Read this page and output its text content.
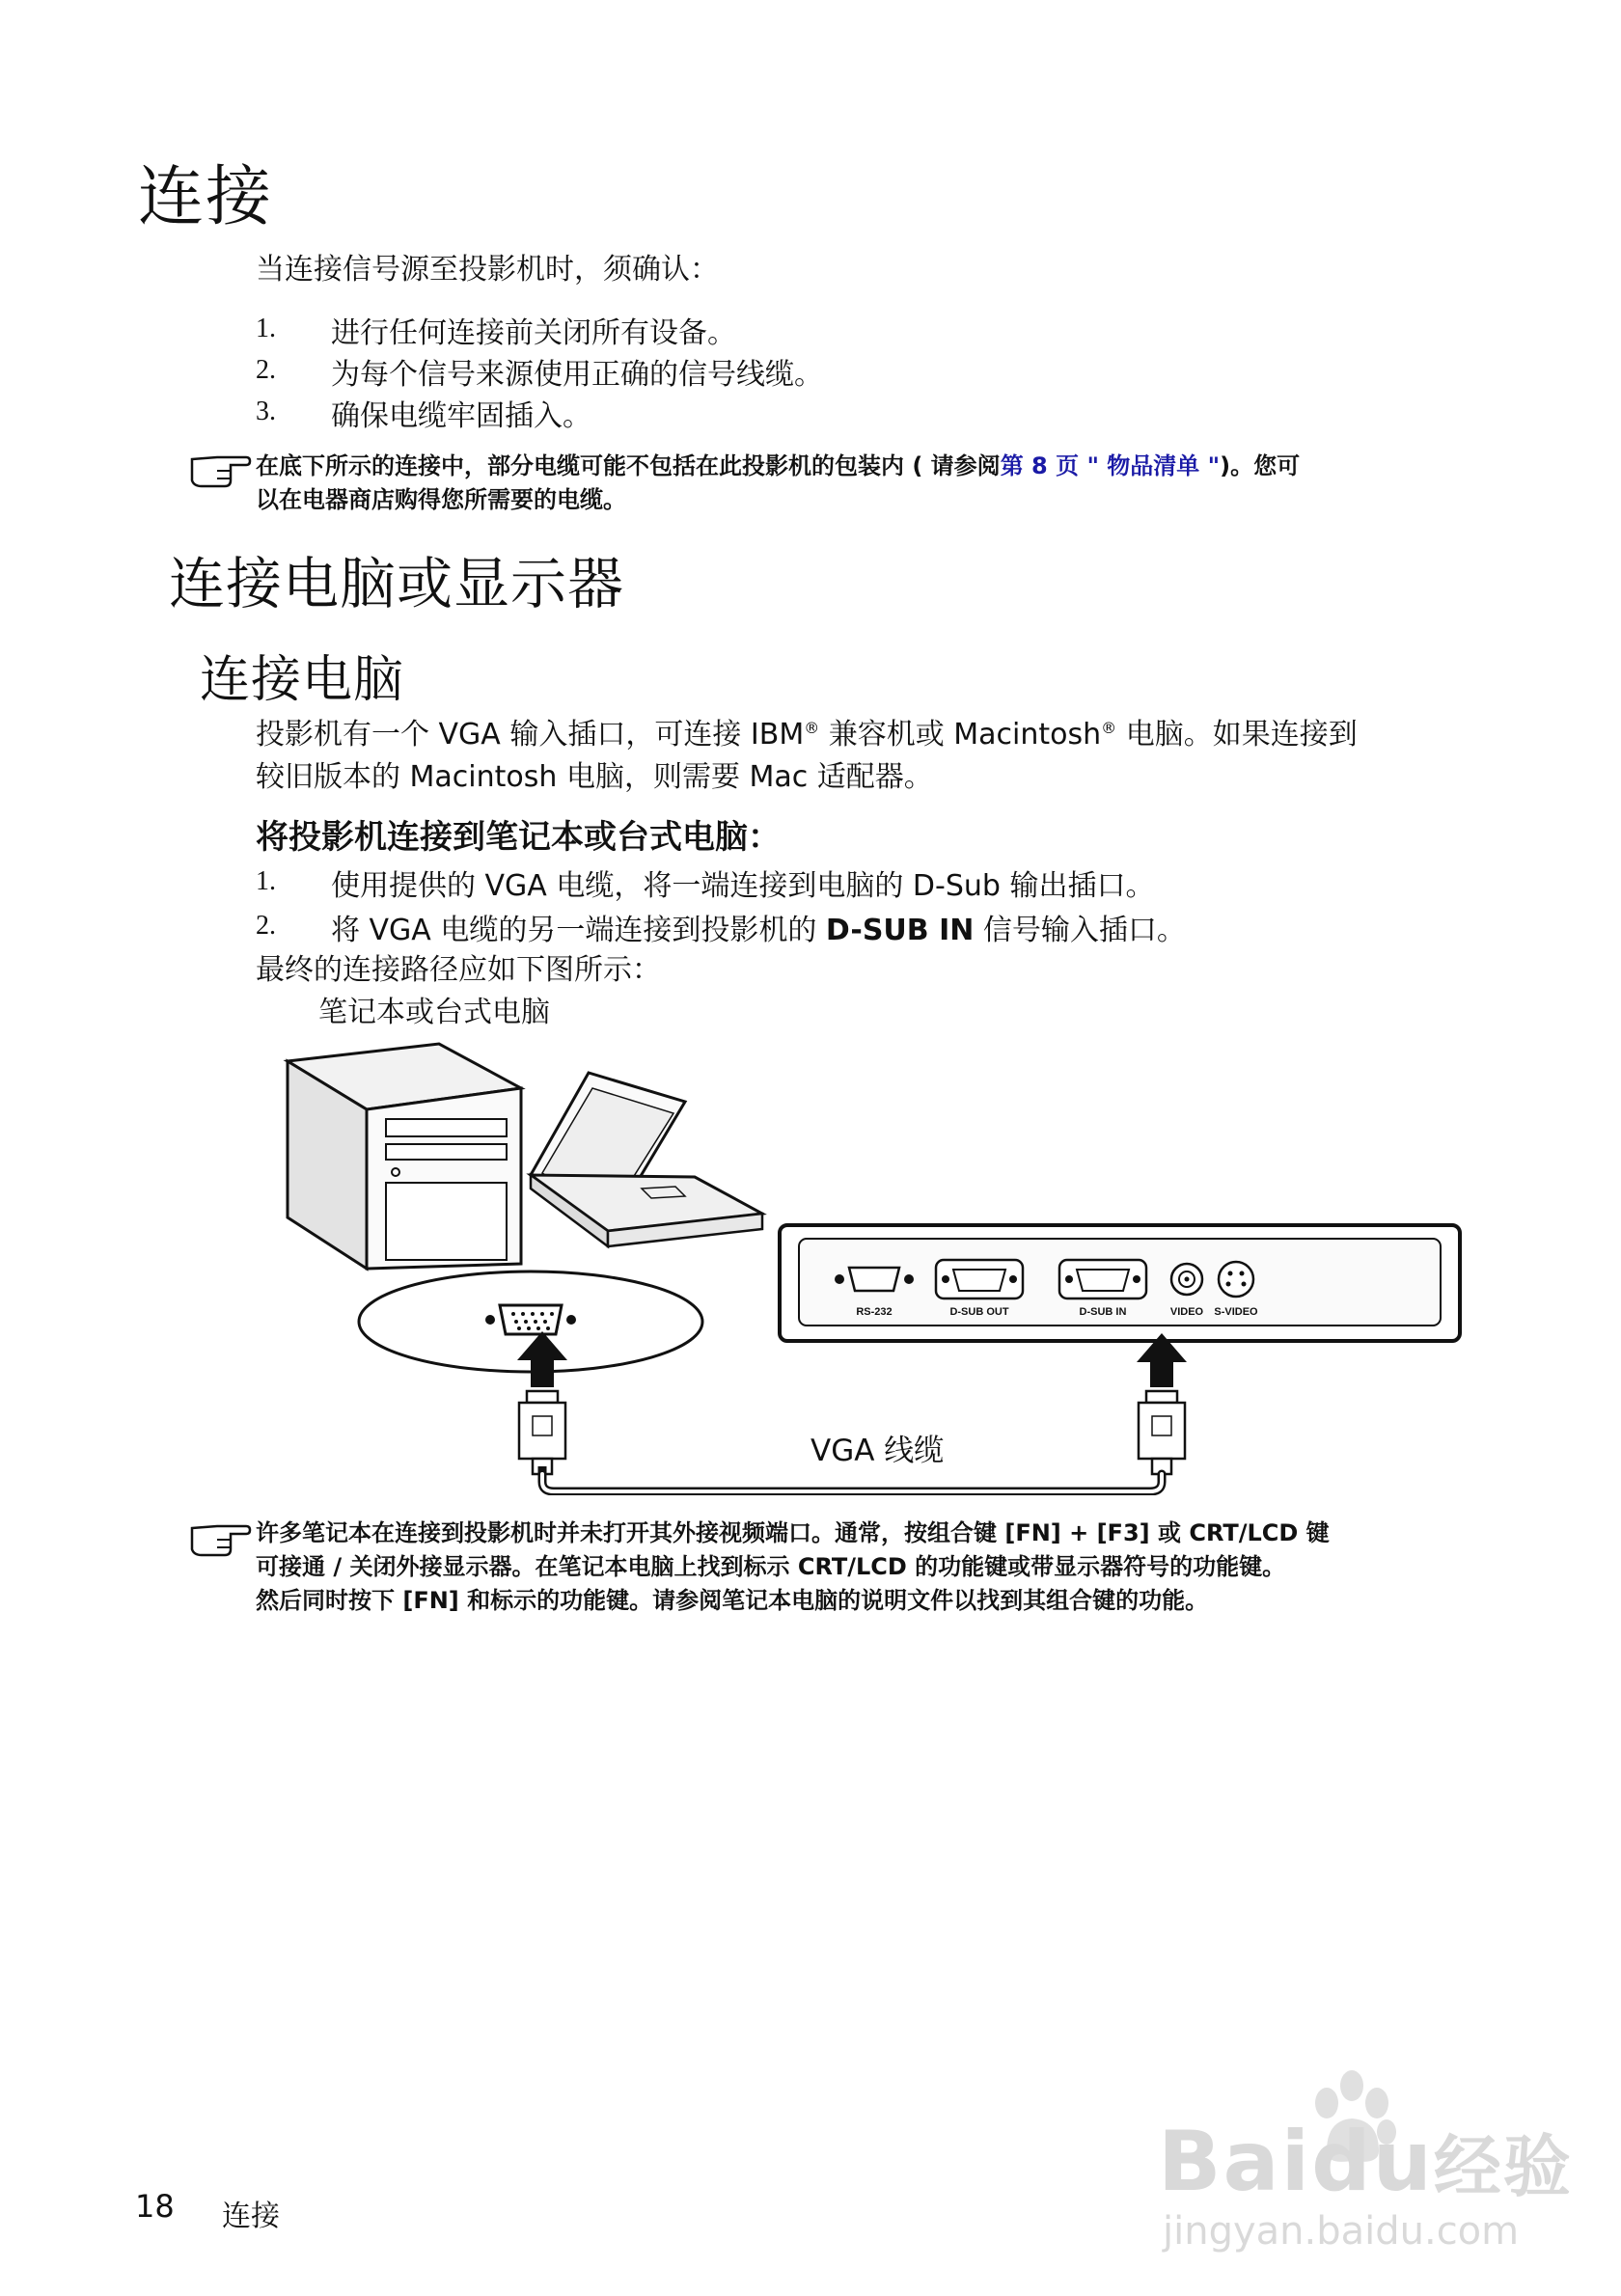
连接
当连接信号源至投影机时，须确认：
1. 进行任何连接前关闭所有设备。
2. 为每个信号来源使用正确的信号线缆。
3. 确保电缆牢固插入。
在底下所示的连接中，部分电缆可能不包括在此投影机的包装内 ( 请参阅第 8 页 " 物品清单 ")。您可
以在电器商店购得您所需要的电缆。
连接电脑或显示器
连接电脑
投影机有一个 VGA 输入插口，可连接 IBM® 兼容机或 Macintosh® 电脑。如果连接到
较旧版本的 Macintosh 电脑，则需要 Mac 适配器。
将投影机连接到笔记本或台式电脑：
1. 使用提供的 VGA 电缆，将一端连接到电脑的 D-Sub 输出插口。
2. 将 VGA 电缆的另一端连接到投影机的 D-SUB IN 信号输入插口。
最终的连接路径应如下图所示：
笔记本或台式电脑
RS-232	D-SUB OUT	D-SUB IN	VIDEO S-VIDEO
VGA 线缆
许多笔记本在连接到投影机时并未打开其外接视频端口。通常，按组合键 [FN] + [F3] 或 CRT/LCD 键
可接通 / 关闭外接显示器。在笔记本电脑上找到标示 CRT/LCD 的功能键或带显示器符号的功能键。
然后同时按下 [FN] 和标示的功能键。请参阅笔记本电脑的说明文件以找到其组合键的功能。
18 连接
Baidu经验
jingyan.baidu.com
